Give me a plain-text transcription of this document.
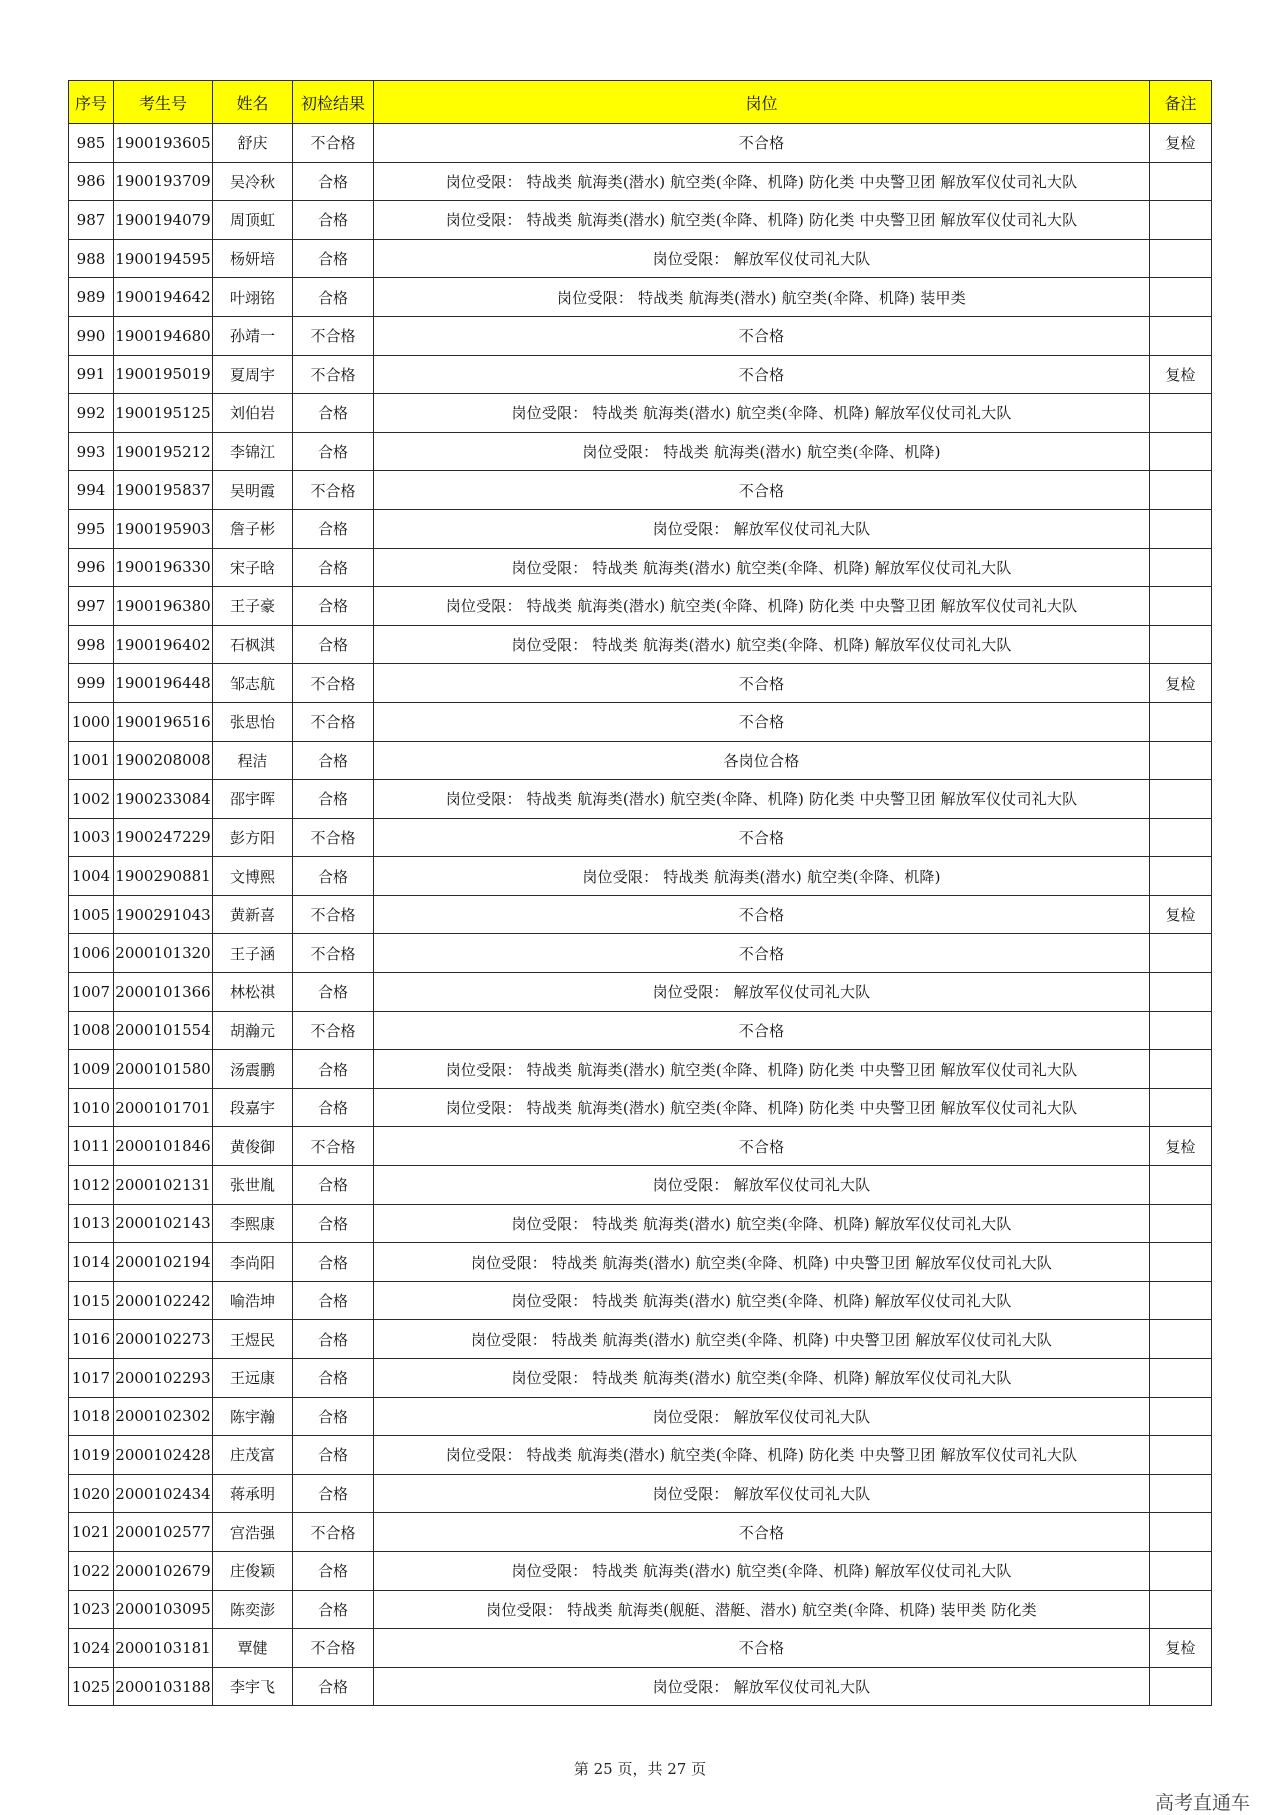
序号	考生号	姓名	初检结果	岗位	备注
985	1900193605	舒庆	不合格	不合格	复检
986	1900193709	吴冷秋	合格	岗位受限： 特战类 航海类(潜水) 航空类(伞降、机降) 防化类 中央警卫团 解放军仪仗司礼大队	
987	1900194079	周顶虹	合格	岗位受限： 特战类 航海类(潜水) 航空类(伞降、机降) 防化类 中央警卫团 解放军仪仗司礼大队	
988	1900194595	杨妍培	合格	岗位受限： 解放军仪仗司礼大队	
989	1900194642	叶翊铭	合格	岗位受限： 特战类 航海类(潜水) 航空类(伞降、机降) 装甲类	
990	1900194680	孙靖一	不合格	不合格	
991	1900195019	夏周宇	不合格	不合格	复检
992	1900195125	刘伯岩	合格	岗位受限： 特战类 航海类(潜水) 航空类(伞降、机降) 解放军仪仗司礼大队	
993	1900195212	李锦江	合格	岗位受限： 特战类 航海类(潜水) 航空类(伞降、机降)	
994	1900195837	吴明霞	不合格	不合格	
995	1900195903	詹子彬	合格	岗位受限： 解放军仪仗司礼大队	
996	1900196330	宋子晗	合格	岗位受限： 特战类 航海类(潜水) 航空类(伞降、机降) 解放军仪仗司礼大队	
997	1900196380	王子豪	合格	岗位受限： 特战类 航海类(潜水) 航空类(伞降、机降) 防化类 中央警卫团 解放军仪仗司礼大队	
998	1900196402	石枫淇	合格	岗位受限： 特战类 航海类(潜水) 航空类(伞降、机降) 解放军仪仗司礼大队	
999	1900196448	邹志航	不合格	不合格	复检
1000	1900196516	张思怡	不合格	不合格	
1001	1900208008	程洁	合格	各岗位合格	
1002	1900233084	邵宇晖	合格	岗位受限： 特战类 航海类(潜水) 航空类(伞降、机降) 防化类 中央警卫团 解放军仪仗司礼大队	
1003	1900247229	彭方阳	不合格	不合格	
1004	1900290881	文博熙	合格	岗位受限： 特战类 航海类(潜水) 航空类(伞降、机降)	
1005	1900291043	黄新喜	不合格	不合格	复检
1006	2000101320	王子涵	不合格	不合格	
1007	2000101366	林松祺	合格	岗位受限： 解放军仪仗司礼大队	
1008	2000101554	胡瀚元	不合格	不合格	
1009	2000101580	汤震鹏	合格	岗位受限： 特战类 航海类(潜水) 航空类(伞降、机降) 防化类 中央警卫团 解放军仪仗司礼大队	
1010	2000101701	段嘉宇	合格	岗位受限： 特战类 航海类(潜水) 航空类(伞降、机降) 防化类 中央警卫团 解放军仪仗司礼大队	
1011	2000101846	黄俊御	不合格	不合格	复检
1012	2000102131	张世胤	合格	岗位受限： 解放军仪仗司礼大队	
1013	2000102143	李熙康	合格	岗位受限： 特战类 航海类(潜水) 航空类(伞降、机降) 解放军仪仗司礼大队	
1014	2000102194	李尚阳	合格	岗位受限： 特战类 航海类(潜水) 航空类(伞降、机降) 中央警卫团 解放军仪仗司礼大队	
1015	2000102242	喻浩坤	合格	岗位受限： 特战类 航海类(潜水) 航空类(伞降、机降) 解放军仪仗司礼大队	
1016	2000102273	王煜民	合格	岗位受限： 特战类 航海类(潜水) 航空类(伞降、机降) 中央警卫团 解放军仪仗司礼大队	
1017	2000102293	王远康	合格	岗位受限： 特战类 航海类(潜水) 航空类(伞降、机降) 解放军仪仗司礼大队	
1018	2000102302	陈宇瀚	合格	岗位受限： 解放军仪仗司礼大队	
1019	2000102428	庄茂富	合格	岗位受限： 特战类 航海类(潜水) 航空类(伞降、机降) 防化类 中央警卫团 解放军仪仗司礼大队	
1020	2000102434	蒋承明	合格	岗位受限： 解放军仪仗司礼大队	
1021	2000102577	宫浩强	不合格	不合格	
1022	2000102679	庄俊颖	合格	岗位受限： 特战类 航海类(潜水) 航空类(伞降、机降) 解放军仪仗司礼大队	
1023	2000103095	陈奕澎	合格	岗位受限： 特战类 航海类(舰艇、潜艇、潜水) 航空类(伞降、机降) 装甲类 防化类	
1024	2000103181	覃健	不合格	不合格	复检
1025	2000103188	李宇飞	合格	岗位受限： 解放军仪仗司礼大队	
第 25 页，共 27 页
高考直通车
